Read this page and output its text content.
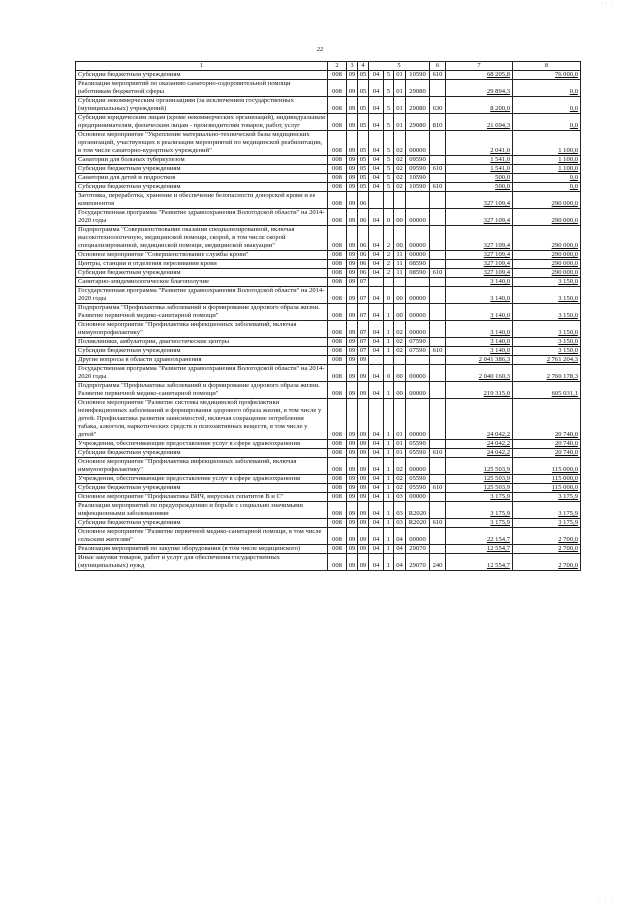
·· ·
22
1	2	3	4	5				6	7	8
Субсидии бюджетным учреждениям	008	09	05	04	5	01	10590	610	68 205,8	76 000,0
Реализация мероприятий по оказанию санаторно-оздоровительной помощи работникам бюджетной сферы	008	09	05	04	5	01	29080		29 894,3	0,0
Субсидии некоммерческим организациям (за исключением государственных (муниципальных) учреждений)	008	09	05	04	5	01	29080	630	8 200,0	0,0
Субсидии юридическим лицам (кроме некоммерческих организаций), индивидуальным предпринимателям, физическим лицам - производителям товаров, работ, услуг	008	09	05	04	5	01	29080	810	21 694,3	0,0
Основное мероприятие "Укрепление материально-технической базы медицинских организаций, участвующих в реализации мероприятий по медицинской реабилитации, в том числе санаторно-курортных учреждений"	008	09	05	04	5	02	00000		2 041,0	1 100,0
Санатории для больных туберкулезом	008	09	05	04	5	02	09590		1 541,0	1 100,0
Субсидии бюджетным учреждениям	008	09	05	04	5	02	09590	610	1 541,0	1 100,0
Санатории для детей и подростков	008	09	05	04	5	02	10590		500,0	0,0
Субсидии бюджетным учреждениям	008	09	05	04	5	02	10590	610	500,0	0,0
Заготовка, переработка, хранение и обеспечение безопасности донорской крови и ее компонентов	008	09	06						327 109,4	290 000,0
Государственная программа "Развитие здравоохранения Вологодской области" на 2014-2020 годы	008	09	06	04	0	00	00000		327 109,4	290 000,0
Подпрограмма "Совершенствование оказания специализированной, включая высокотехнологичную, медицинской помощи, скорой, в том числе скорой специализированной, медицинской помощи, медицинской эвакуации"	008	09	06	04	2	00	00000		327 109,4	290 000,0
Основное мероприятие "Совершенствование службы крови"	008	09	06	04	2	11	00000		327 109,4	290 000,0
Центры, станции и отделения переливания крови	008	09	06	04	2	11	08590		327 109,4	290 000,0
Субсидии бюджетным учреждениям	008	09	06	04	2	11	08590	610	327 109,4	290 000,0
Санитарно-эпидемиологическое благополучие	008	09	07						3 140,0	3 150,0
Государственная программа "Развитие здравоохранения Вологодской области" на 2014-2020 годы	008	09	07	04	0	00	00000		3 140,0	3 150,0
Подпрограмма "Профилактика заболеваний и формирование здорового образа жизни. Развитие первичной медико-санитарной помощи"	008	09	07	04	1	00	00000		3 140,0	3 150,0
Основное мероприятие "Профилактика инфекционных заболеваний, включая иммунопрофилактику"	008	09	07	04	1	02	00000		3 140,0	3 150,0
Поликлиники, амбулатории, диагностические центры	008	09	07	04	1	02	07590		3 140,0	3 150,0
Субсидии бюджетным учреждениям	008	09	07	04	1	02	07590	610	3 140,0	3 150,0
Другие вопросы в области здравоохранения	008	09	09						2 041 386,3	2 761 204,3
Государственная программа "Развитие здравоохранения Вологодской области" на 2014-2020 годы	008	09	09	04	0	00	00000		2 040 160,3	2 760 178,3
Подпрограмма "Профилактика заболеваний и формирование здорового образа жизни. Развитие первичной медико-санитарной помощи"	008	09	09	04	1	00	00000		219 315,0	605 031,1
Основное мероприятие "Развитие системы медицинской профилактики неинфекционных заболеваний и формирования здорового образа жизни, в том числе у детей. Профилактика развития зависимостей, включая сокращение потребления табака, алкоголя, наркотических средств и психоактивных веществ, в том числе у детей"	008	09	09	04	1	01	00000		24 042,2	20 740,0
Учреждения, обеспечивающие предоставление услуг в сфере здравоохранения	008	09	09	04	1	01	05590		24 042,2	20 740,0
Субсидии бюджетным учреждениям	008	09	09	04	1	01	05590	610	24 042,2	20 740,0
Основное мероприятие "Профилактика инфекционных заболеваний, включая иммунопрофилактику"	008	09	09	04	1	02	00000		125 503,9	115 000,0
Учреждения, обеспечивающие предоставление услуг в сфере здравоохранения	008	09	09	04	1	02	05590		125 503,9	115 000,0
Субсидии бюджетным учреждениям	008	09	09	04	1	02	05590	610	125 503,9	115 000,0
Основное мероприятие "Профилактика ВИЧ, вирусных гепатитов В и С"	008	09	09	04	1	03	00000		3 175,9	3 175,9
Реализация мероприятий по предупреждению и борьбе с социально значимыми инфекционными заболеваниями	008	09	09	04	1	03	R2020		3 175,9	3 175,9
Субсидии бюджетным учреждениям	008	09	09	04	1	03	R2020	610	3 175,9	3 175,9
Основное мероприятие "Развитие первичной медико-санитарной помощи, в том числе сельским жителям"	008	09	09	04	1	04	00000		22 154,7	2 700,0
Реализация мероприятий по закупке оборудования (в том числе медицинского)	008	09	09	04	1	04	29070		12 554,7	2 700,0
Иные закупки товаров, работ и услуг для обеспечения государственных (муниципальных) нужд	008	09	09	04	1	04	29070	240	12 554,7	2 700,0
· · ·
